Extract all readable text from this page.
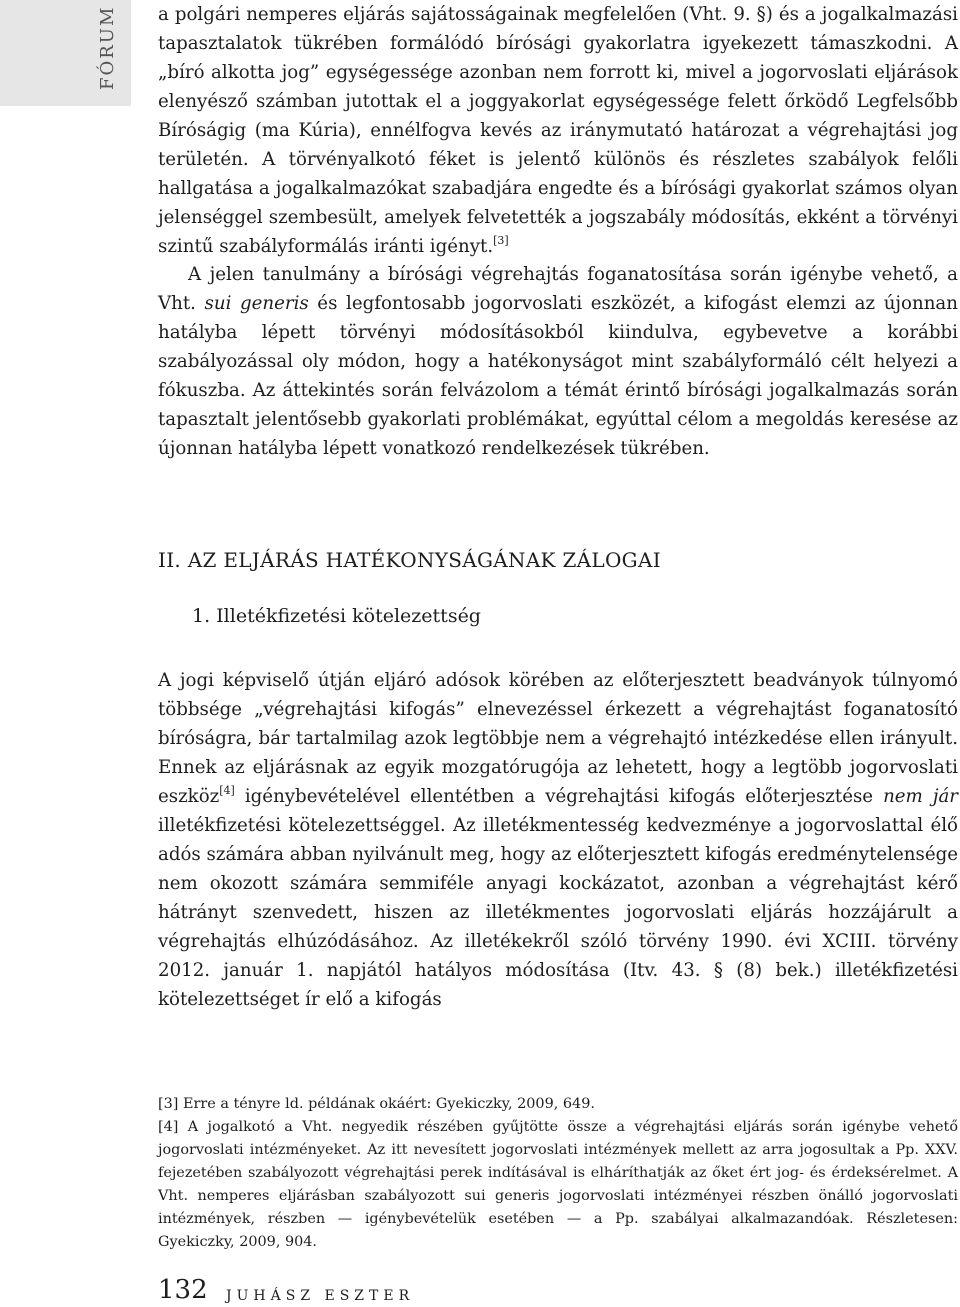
FÓRUM a polgári nemperes eljárás sajátosságainak megfelelően (Vht. 9. §) és a jogalkalmazási tapasztalatok tükrében formálódó bírósági gyakorlatra igyekezett támaszkodni. A „bíró alkotta jog” egységessége azonban nem forrott ki, mivel a jogorvoslati eljárások elenyésző számban jutottak el a joggyakorlat egységessége felett őrködő Legfelsőbb Bíróságig (ma Kúria), ennélfogva kevés az iránymutató határozat a végrehajtási jog területén. A törvényalkotó féket is jelentő különös és részletes szabályok felőli hallgatása a jogalkalmazókat szabadjára engedte és a bírósági gyakorlat számos olyan jelenséggel szembesült, amelyek felvetették a jogszabály módosítás, ekként a törvényi szintű szabályformálás iránti igényt.[3]

A jelen tanulmány a bírósági végrehajtás foganatosítása során igénybe vehető, a Vht. sui generis és legfontosabb jogorvoslati eszközét, a kifogást elemzi az újonnan hatályba lépett törvényi módosításokból kiindulva, egybevetve a korábbi szabályozással oly módon, hogy a hatékonyságot mint szabályformáló célt helyezi a fókuszba. Az áttekintés során felvázolom a témát érintő bírósági jogalkalmazás során tapasztalt jelentősebb gyakorlati problémákat, egyúttal célom a megoldás keresése az újonnan hatályba lépett vonatkozó rendelkezések tükrében.

II. AZ ELJÁRÁS HATÉKONYSÁGÁNAK ZÁLOGAI
1. Illetékfizetési kötelezettség

A jogi képviselő útján eljáró adósok körében az előterjesztett beadványok túlnyomó többsége „végrehajtási kifogás” elnevezéssel érkezett a végrehajtást foganatosító bíróságra, bár tartalmilag azok legtöbbje nem a végrehajtó intézkedése ellen irányult. Ennek az eljárásnak az egyik mozgatórugója az lehetett, hogy a legtöbb jogorvoslati eszköz[4] igénybevételével ellentétben a végrehajtási kifogás előterjesztése nem jár illetékfizetési kötelezettséggel. Az illetékmentesség kedvezménye a jogorvoslattal élő adós számára abban nyilvánult meg, hogy az előterjesztett kifogás eredménytelensége nem okozott számára semmiféle anyagi kockázatot, azonban a végrehajtást kérő hátrányt szenvedett, hiszen az illetékmentes jogorvoslati eljárás hozzájárult a végrehajtás elhúzódásához. Az illetékekről szóló törvény 1990. évi XCIII. törvény 2012. január 1. napjától hatályos módosítása (Itv. 43. § (8) bek.) illetékfizetési kötelezettséget ír elő a kifogás

[3] Erre a tényre ld. példának okáért: Gyekiczky, 2009, 649.

[4] A jogalkotó a Vht. negyedik részében gyűjtötte össze a végrehajtási eljárás során igénybe vehető jogorvoslati intézményeket. Az itt nevesített jogorvoslati intézmények mellett az arra jogosultak a Pp. XXV. fejezetében szabályozott végrehajtási perek indításával is elháríthatják az őket ért jog- és érdeksérelmet. A Vht. nemperes eljárásban szabályozott sui generis jogorvoslati intézményei részben önálló jogorvoslati intézmények, részben — igénybevételük esetében — a Pp. szabályai alkalmazandóak. Részletesen: Gyekiczky, 2009, 904.

132 JUHÁSZ ESZTER
